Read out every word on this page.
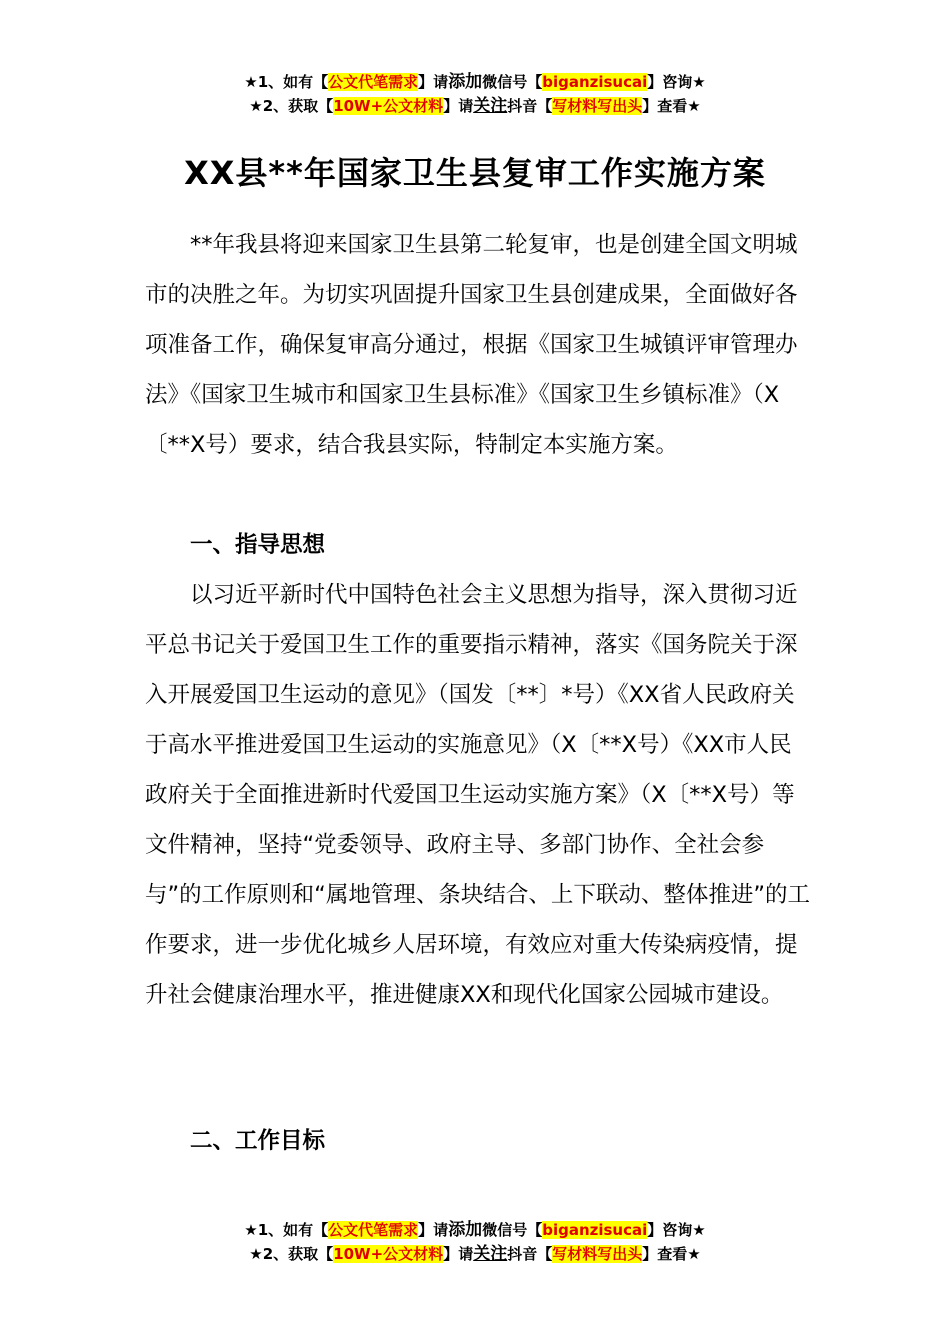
★1、如有【公文代笔需求】请添加微信号【biganzisucai】咨询★
★2、获取【10W+公文材料】请关注抖音【写材料写出头】查看★
XX县**年国家卫生县复审工作实施方案

**年我县将迎来国家卫生县第二轮复审，也是创建全国文明城市的决胜之年。为切实巩固提升国家卫生县创建成果，全面做好各项准备工作，确保复审高分通过，根据《国家卫生城镇评审管理办法》《国家卫生城市和国家卫生县标准》《国家卫生乡镇标准》（X〔**X号）要求，结合我县实际，特制定本实施方案。

一、指导思想

以习近平新时代中国特色社会主义思想为指导，深入贯彻习近平总书记关于爱国卫生工作的重要指示精神，落实《国务院关于深入开展爱国卫生运动的意见》（国发〔**〕*号）《XX省人民政府关于高水平推进爱国卫生运动的实施意见》（X〔**X号）《XX市人民政府关于全面推进新时代爱国卫生运动实施方案》（X〔**X号）等文件精神，坚持“党委领导、政府主导、多部门协作、全社会参与”的工作原则和“属地管理、条块结合、上下联动、整体推进”的工作要求，进一步优化城乡人居环境，有效应对重大传染病疫情，提升社会健康治理水平，推进健康XX和现代化国家公园城市建设。

二、工作目标
★1、如有【公文代笔需求】请添加微信号【biganzisucai】咨询★
★2、获取【10W+公文材料】请关注抖音【写材料写出头】查看★
